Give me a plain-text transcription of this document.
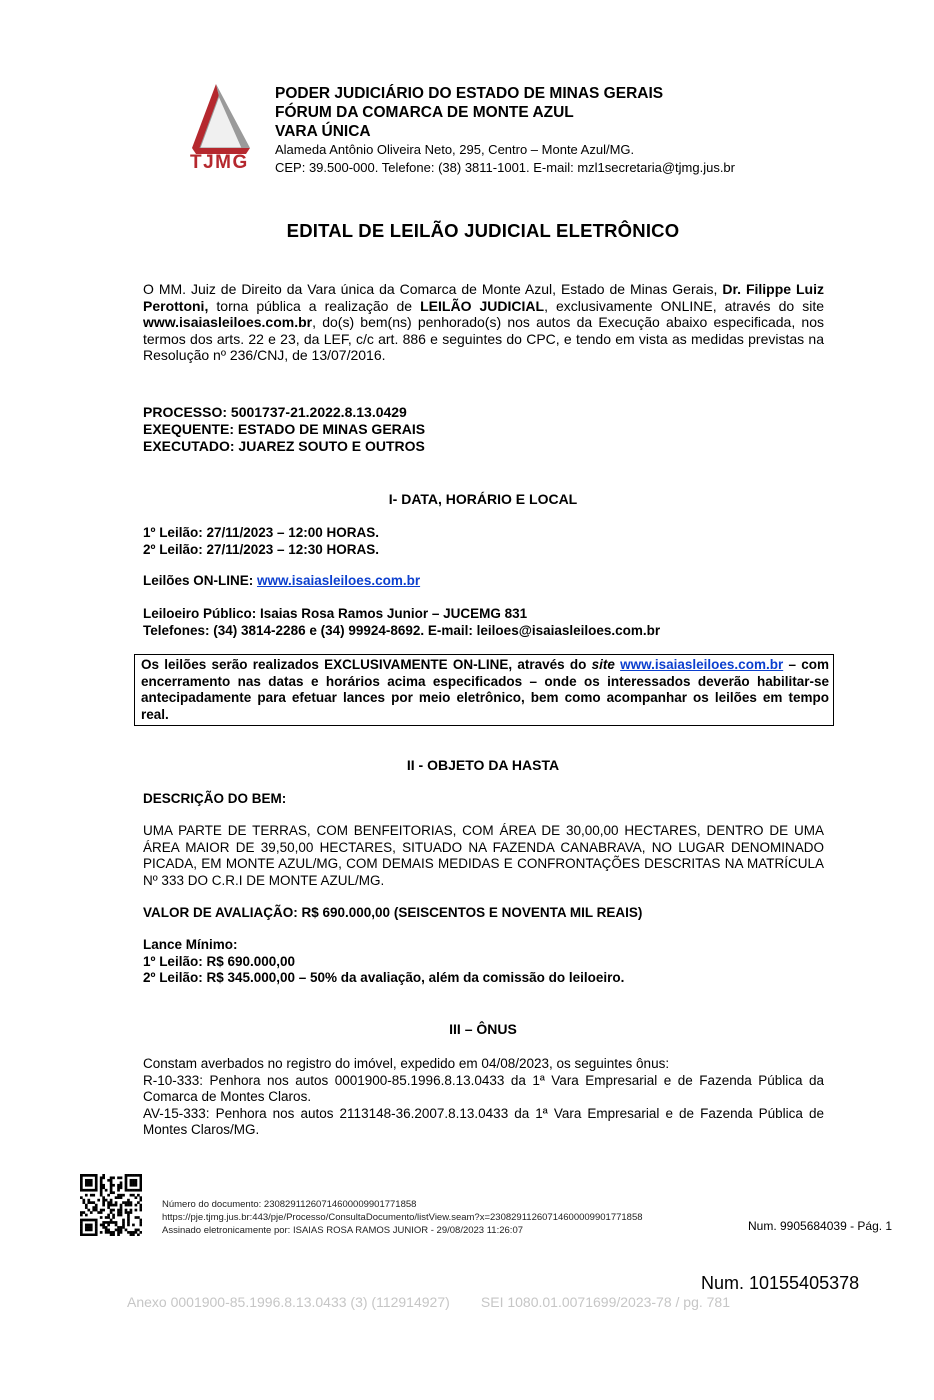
TJMG
PODER JUDICIÁRIO DO ESTADO DE MINAS GERAIS
FÓRUM DA COMARCA DE MONTE AZUL
VARA ÚNICA
Alameda Antônio Oliveira Neto, 295, Centro – Monte Azul/MG.
CEP: 39.500-000. Telefone: (38) 3811-1001. E-mail: mzl1secretaria@tjmg.jus.br
EDITAL DE LEILÃO JUDICIAL ELETRÔNICO
O MM. Juiz de Direito da Vara única da Comarca de Monte Azul, Estado de Minas Gerais, Dr. Filippe Luiz Perottoni, torna pública a realização de LEILÃO JUDICIAL, exclusivamente ONLINE, através do site www.isaiasleiloes.com.br, do(s) bem(ns) penhorado(s) nos autos da Execução abaixo especificada, nos termos dos arts. 22 e 23, da LEF, c/c art. 886 e seguintes do CPC, e tendo em vista as medidas previstas na Resolução nº 236/CNJ, de 13/07/2016.
PROCESSO: 5001737-21.2022.8.13.0429
EXEQUENTE: ESTADO DE MINAS GERAIS
EXECUTADO: JUAREZ SOUTO E OUTROS
I- DATA, HORÁRIO E LOCAL
1º Leilão: 27/11/2023 – 12:00 HORAS.
2º Leilão: 27/11/2023 – 12:30 HORAS.
Leilões ON-LINE: www.isaiasleiloes.com.br
Leiloeiro Público: Isaias Rosa Ramos Junior – JUCEMG 831
Telefones: (34) 3814-2286 e (34) 99924-8692. E-mail: leiloes@isaiasleiloes.com.br
Os leilões serão realizados EXCLUSIVAMENTE ON-LINE, através do site www.isaiasleiloes.com.br – com encerramento nas datas e horários acima especificados – onde os interessados deverão habilitar-se antecipadamente para efetuar lances por meio eletrônico, bem como acompanhar os leilões em tempo real.
II - OBJETO DA HASTA
DESCRIÇÃO DO BEM:
UMA PARTE DE TERRAS, COM BENFEITORIAS, COM ÁREA DE 30,00,00 HECTARES, DENTRO DE UMA ÁREA MAIOR DE 39,50,00 HECTARES, SITUADO NA FAZENDA CANABRAVA, NO LUGAR DENOMINADO PICADA, EM MONTE AZUL/MG, COM DEMAIS MEDIDAS E CONFRONTAÇÕES DESCRITAS NA MATRÍCULA Nº 333 DO C.R.I DE MONTE AZUL/MG.
VALOR DE AVALIAÇÃO: R$ 690.000,00 (SEISCENTOS E NOVENTA MIL REAIS)
Lance Mínimo:
1º Leilão: R$ 690.000,00
2º Leilão: R$ 345.000,00 – 50% da avaliação, além da comissão do leiloeiro.
III – ÔNUS
Constam averbados no registro do imóvel, expedido em 04/08/2023, os seguintes ônus:
R-10-333: Penhora nos autos 0001900-85.1996.8.13.0433 da 1ª Vara Empresarial e de Fazenda Pública da Comarca de Montes Claros.
AV-15-333: Penhora nos autos 2113148-36.2007.8.13.0433 da 1ª Vara Empresarial e de Fazenda Pública de Montes Claros/MG.
Número do documento: 23082911260714600009901771858
https://pje.tjmg.jus.br:443/pje/Processo/ConsultaDocumento/listView.seam?x=23082911260714600009901771858
Assinado eletronicamente por: ISAIAS ROSA RAMOS JUNIOR - 29/08/2023 11:26:07	Num. 9905684039 - Pág. 1
Num. 10155405378
Anexo 0001900-85.1996.8.13.0433 (3) (112914927)        SEI 1080.01.0071699/2023-78 / pg. 781
